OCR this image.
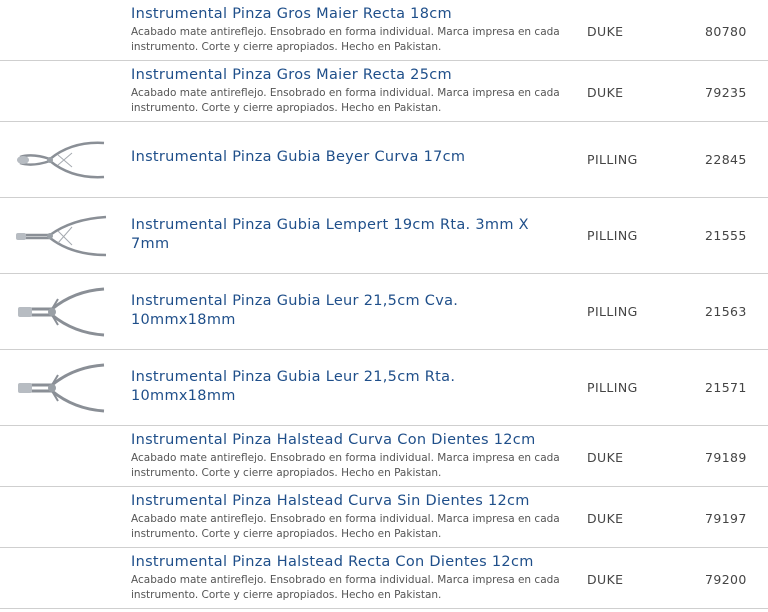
Instrumental Pinza Gros Maier Recta 18cm
Acabado mate antireflejo. Ensobrado en forma individual. Marca impresa en cada instrumento. Corte y cierre apropiados. Hecho en Pakistan.
DUKE	80780
Instrumental Pinza Gros Maier Recta 25cm
Acabado mate antireflejo. Ensobrado en forma individual. Marca impresa en cada instrumento. Corte y cierre apropiados. Hecho en Pakistan.
DUKE	79235
Instrumental Pinza Gubia Beyer Curva 17cm	PILLING	22845
Instrumental Pinza Gubia Lempert 19cm Rta. 3mm X 7mm
PILLING	21555
Instrumental Pinza Gubia Leur 21,5cm Cva. 10mmx18mm
PILLING	21563
Instrumental Pinza Gubia Leur 21,5cm Rta. 10mmx18mm
PILLING	21571
Instrumental Pinza Halstead Curva Con Dientes 12cm
Acabado mate antireflejo. Ensobrado en forma individual. Marca impresa en cada instrumento. Corte y cierre apropiados. Hecho en Pakistan.
DUKE	79189
Instrumental Pinza Halstead Curva Sin Dientes 12cm
Acabado mate antireflejo. Ensobrado en forma individual. Marca impresa en cada instrumento. Corte y cierre apropiados. Hecho en Pakistan.
DUKE	79197
Instrumental Pinza Halstead Recta Con Dientes 12cm
Acabado mate antireflejo. Ensobrado en forma individual. Marca impresa en cada instrumento. Corte y cierre apropiados. Hecho en Pakistan.
DUKE	79200
